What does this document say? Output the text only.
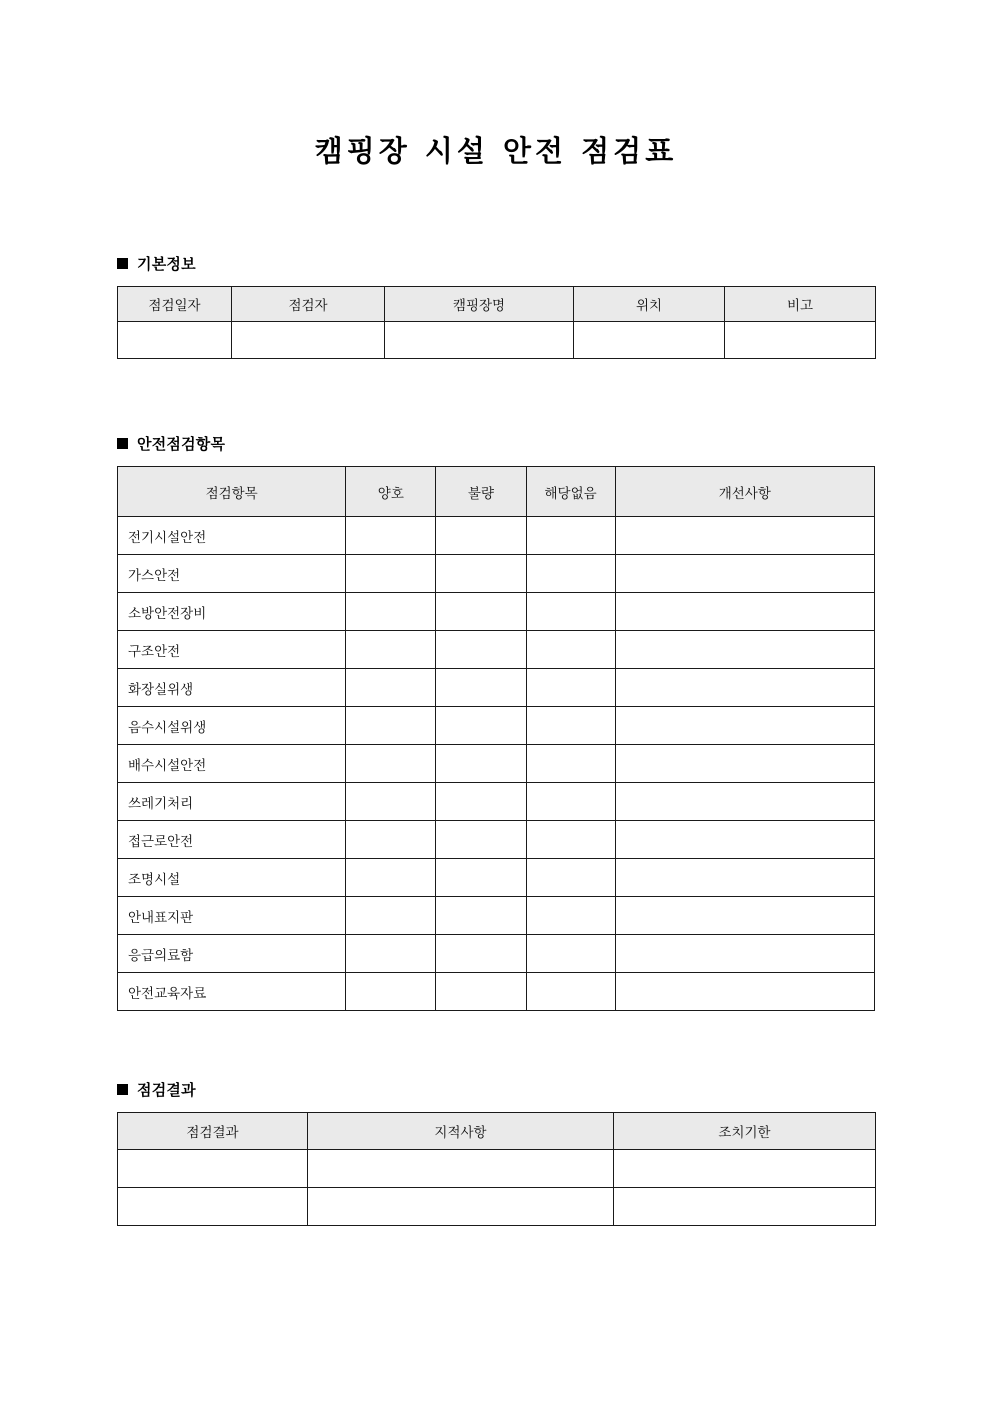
캠핑장 시설 안전 점검표
기본정보
점검일자	점검자	캠핑장명	위치	비고

안전점검항목
점검항목	양호	불량	해당없음	개선사항
전기시설안전				
가스안전				
소방안전장비				
구조안전				
화장실위생				
음수시설위생				
배수시설안전				
쓰레기처리				
접근로안전				
조명시설				
안내표지판				
응급의료함				
안전교육자료				
점검결과
점검결과	지적사항	조치기한
